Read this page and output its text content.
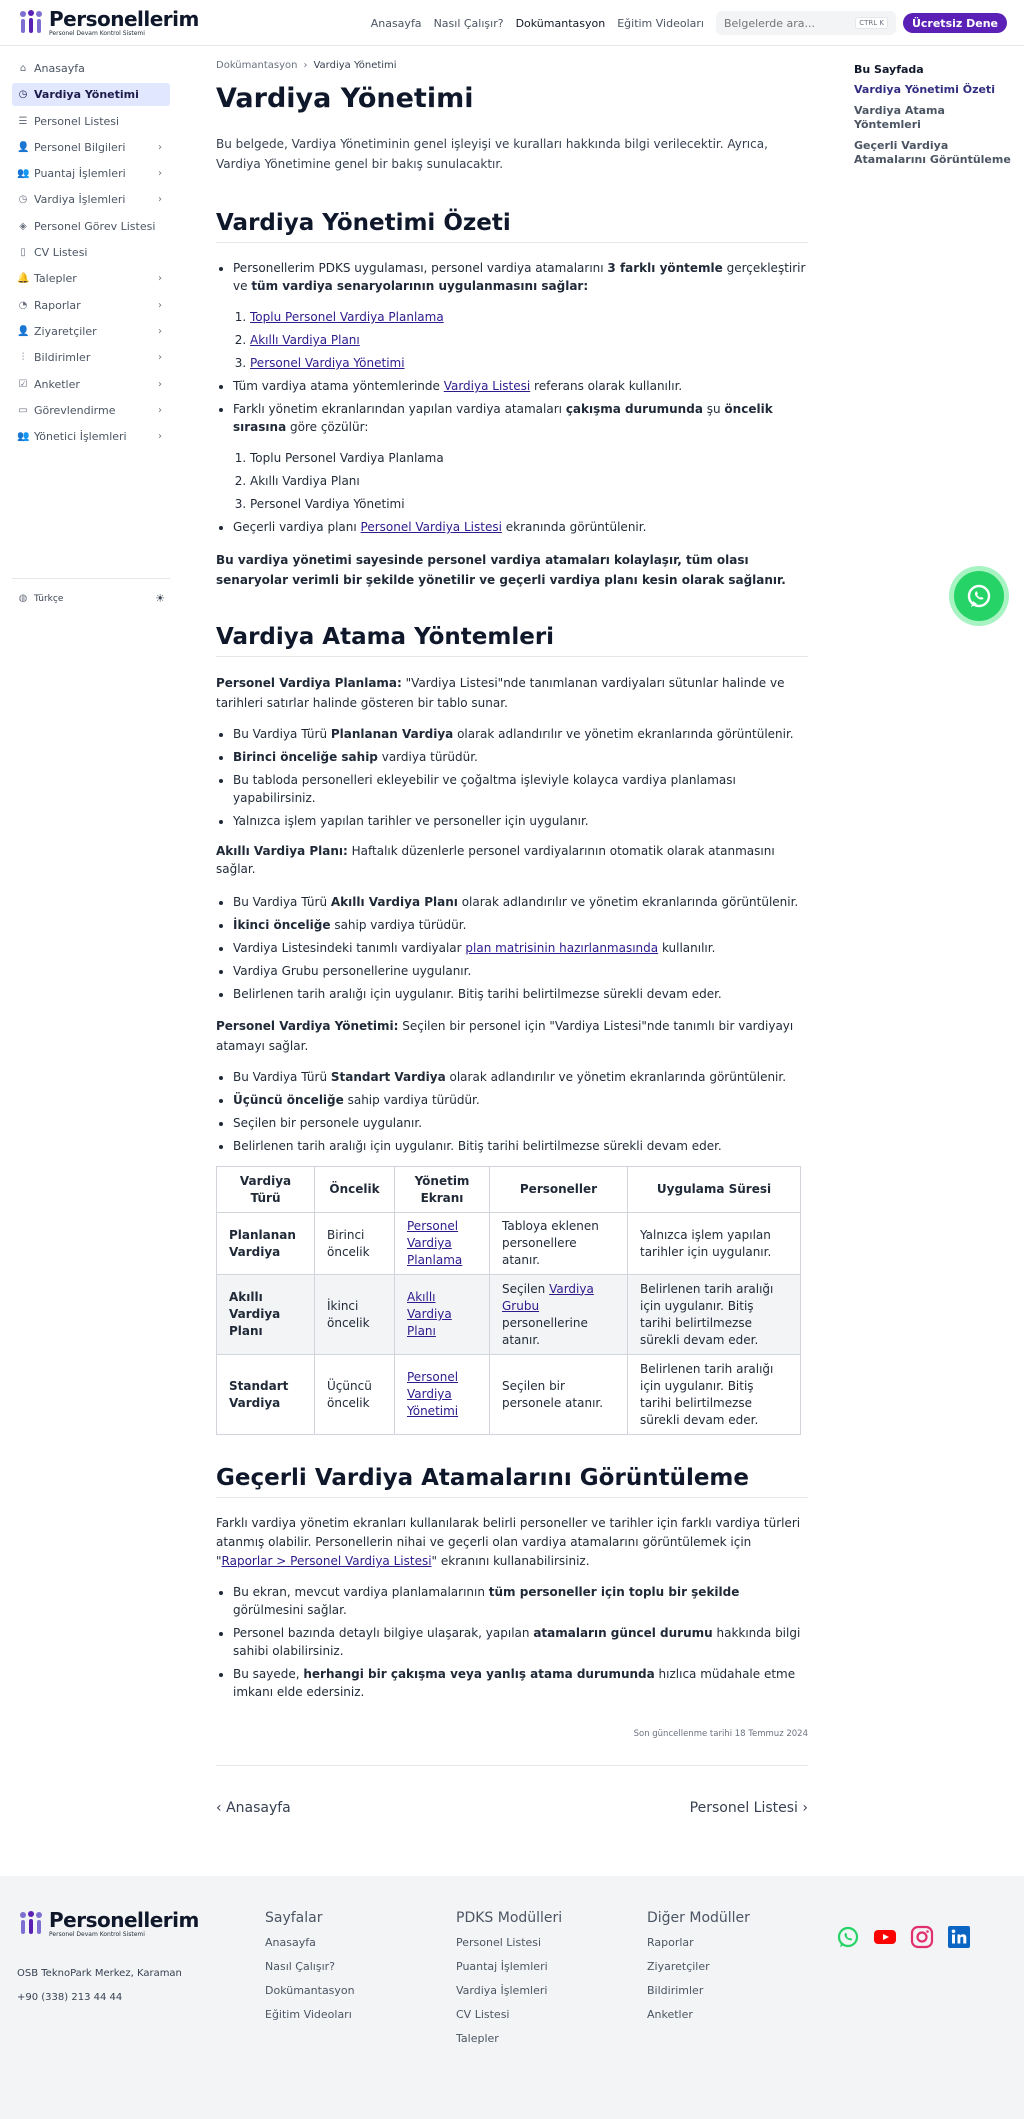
Personellerim
Personel Devam Kontrol Sistemi
Anasayfa Nasıl Çalışır? Dokümantasyon Eğitim Videoları
Belgelerde ara...	CTRL K	Ücretsiz Dene
⌂ Anasayfa
◷ Vardiya Yönetimi
☰ Personel Listesi
👤 Personel Bilgileri	›
👥 Puantaj İşlemleri	›
◷ Vardiya İşlemleri	›
◈ Personel Görev Listesi
▯ CV Listesi
🔔 Talepler	›
◔ Raporlar	›
👤 Ziyaretçiler	›
⫶ Bildirimler	›
☑ Anketler	›
▭ Görevlendirme	›
👥 Yönetici İşlemleri	›
◍ Türkçe	☀
Dokümantasyon › Vardiya Yönetimi
Vardiya Yönetimi

Bu belgede, Vardiya Yönetiminin genel işleyişi ve kuralları hakkında bilgi verilecektir. Ayrıca, Vardiya Yönetimine genel bir bakış sunulacaktır.

Vardiya Yönetimi Özeti
• Personellerim PDKS uygulaması, personel vardiya atamalarını 3 farklı yöntemle gerçekleştirir ve tüm vardiya senaryolarının uygulanmasını sağlar:
1. Toplu Personel Vardiya Planlama
2. Akıllı Vardiya Planı
3. Personel Vardiya Yönetimi
• Tüm vardiya atama yöntemlerinde Vardiya Listesi referans olarak kullanılır.
• Farklı yönetim ekranlarından yapılan vardiya atamaları çakışma durumunda şu öncelik sırasına göre çözülür:
1. Toplu Personel Vardiya Planlama
2. Akıllı Vardiya Planı
3. Personel Vardiya Yönetimi
• Geçerli vardiya planı Personel Vardiya Listesi ekranında görüntülenir.

Bu vardiya yönetimi sayesinde personel vardiya atamaları kolaylaşır, tüm olası senaryolar verimli bir şekilde yönetilir ve geçerli vardiya planı kesin olarak sağlanır.

Vardiya Atama Yöntemleri

Personel Vardiya Planlama: "Vardiya Listesi"nde tanımlanan vardiyaları sütunlar halinde ve tarihleri satırlar halinde gösteren bir tablo sunar.

• Bu Vardiya Türü Planlanan Vardiya olarak adlandırılır ve yönetim ekranlarında görüntülenir.
• Birinci önceliğe sahip vardiya türüdür.
• Bu tabloda personelleri ekleyebilir ve çoğaltma işleviyle kolayca vardiya planlaması yapabilirsiniz.
• Yalnızca işlem yapılan tarihler ve personeller için uygulanır.

Akıllı Vardiya Planı: Haftalık düzenlerle personel vardiyalarının otomatik olarak atanmasını sağlar.

• Bu Vardiya Türü Akıllı Vardiya Planı olarak adlandırılır ve yönetim ekranlarında görüntülenir.
• İkinci önceliğe sahip vardiya türüdür.
• Vardiya Listesindeki tanımlı vardiyalar plan matrisinin hazırlanmasında kullanılır.
• Vardiya Grubu personellerine uygulanır.
• Belirlenen tarih aralığı için uygulanır. Bitiş tarihi belirtilmezse sürekli devam eder.

Personel Vardiya Yönetimi: Seçilen bir personel için "Vardiya Listesi"nde tanımlı bir vardiyayı atamayı sağlar.

• Bu Vardiya Türü Standart Vardiya olarak adlandırılır ve yönetim ekranlarında görüntülenir.
• Üçüncü önceliğe sahip vardiya türüdür.
• Seçilen bir personele uygulanır.
• Belirlenen tarih aralığı için uygulanır. Bitiş tarihi belirtilmezse sürekli devam eder.
Vardiya Türü	Öncelik	Yönetim Ekranı	Personeller	Uygulama Süresi
Planlanan Vardiya	Birinci öncelik	Personel Vardiya Planlama	Tabloya eklenen personellere atanır.	Yalnızca işlem yapılan tarihler için uygulanır.
Akıllı Vardiya Planı	İkinci öncelik	Akıllı Vardiya Planı	Seçilen Vardiya Grubu personellerine atanır.	Belirlenen tarih aralığı için uygulanır. Bitiş tarihi belirtilmezse sürekli devam eder.
Standart Vardiya	Üçüncü öncelik	Personel Vardiya Yönetimi	Seçilen bir personele atanır.	Belirlenen tarih aralığı için uygulanır. Bitiş tarihi belirtilmezse sürekli devam eder.
Geçerli Vardiya Atamalarını Görüntüleme

Farklı vardiya yönetim ekranları kullanılarak belirli personeller ve tarihler için farklı vardiya türleri atanmış olabilir. Personellerin nihai ve geçerli olan vardiya atamalarını görüntülemek için "Raporlar > Personel Vardiya Listesi" ekranını kullanabilirsiniz.

• Bu ekran, mevcut vardiya planlamalarının tüm personeller için toplu bir şekilde görülmesini sağlar.
• Personel bazında detaylı bilgiye ulaşarak, yapılan atamaların güncel durumu hakkında bilgi sahibi olabilirsiniz.
• Bu sayede, herhangi bir çakışma veya yanlış atama durumunda hızlıca müdahale etme imkanı elde edersiniz.
Son güncellenme tarihi 18 Temmuz 2024
‹ Anasayfa	Personel Listesi ›
Bu Sayfada
Vardiya Yönetimi Özeti
Vardiya Atama Yöntemleri
Geçerli Vardiya Atamalarını Görüntüleme
Personellerim
Personel Devam Kontrol Sistemi
OSB TeknoPark Merkez, Karaman
+90 (338) 213 44 44
Sayfalar
Anasayfa
Nasıl Çalışır?
Dokümantasyon
Eğitim Videoları
PDKS Modülleri
Personel Listesi
Puantaj İşlemleri
Vardiya İşlemleri
CV Listesi
Talepler
Diğer Modüller
Raporlar
Ziyaretçiler
Bildirimler
Anketler
